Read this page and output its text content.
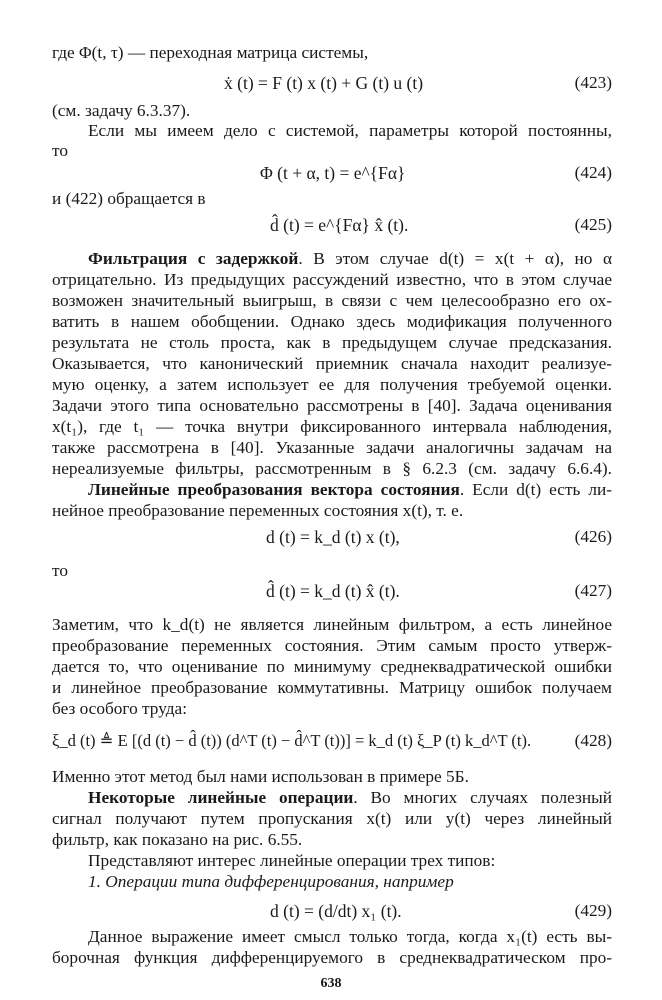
где Φ(t, τ) — переходная матрица системы,
ẋ (t) = F (t) x (t) + G (t) u (t)	(423)
(см. задачу 6.3.37).
Если мы имеем дело с системой, параметры которой постоянны,
то
Φ (t + α, t) = e^{Fα}	(424)
и (422) обращается в
d̂ (t) = e^{Fα} x̂ (t).	(425)
Фильтрация с задержкой. В этом случае d(t) = x(t + α), но α
отрицательно. Из предыдущих рассуждений известно, что в этом случае
возможен значительный выигрыш, в связи с чем целесообразно его ох-
ватить в нашем обобщении. Однако здесь модификация полученного
результата не столь проста, как в предыдущем случае предсказания.
Оказывается, что канонический приемник сначала находит реализуе-
мую оценку, а затем использует ее для получения требуемой оценки.
Задачи этого типа основательно рассмотрены в [40]. Задача оценивания
x(t₁), где t₁ — точка внутри фиксированного интервала наблюдения,
также рассмотрена в [40]. Указанные задачи аналогичны задачам на
нереализуемые фильтры, рассмотренным в § 6.2.3 (см. задачу 6.6.4).
Линейные преобразования вектора состояния. Если d(t) есть ли-
нейное преобразование переменных состояния x(t), т. е.
d (t) = k_d (t) x (t),	(426)
то
d̂ (t) = k_d (t) x̂ (t).	(427)
Заметим, что k_d(t) не является линейным фильтром, а есть линейное
преобразование переменных состояния. Этим самым просто утверж-
дается то, что оценивание по минимуму среднеквадратической ошибки
и линейное преобразование коммутативны. Матрицу ошибок получаем
без особого труда:
ξ_d (t) ≜ E [(d (t) − d̂ (t)) (d^T (t) − d̂^T (t))] = k_d (t) ξ_P (t) k_d^T (t).	(428)
Именно этот метод был нами использован в примере 5Б.
Некоторые линейные операции. Во многих случаях полезный
сигнал получают путем пропускания x(t) или y(t) через линейный
фильтр, как показано на рис. 6.55.
Представляют интерес линейные операции трех типов:
1. Операции типа дифференцирования, например
d (t) = (d/dt) x₁ (t).	(429)
638
Данное выражение имеет смысл только тогда, когда x₁(t) есть вы-
борочная функция дифференцируемого в среднеквадратическом про-
